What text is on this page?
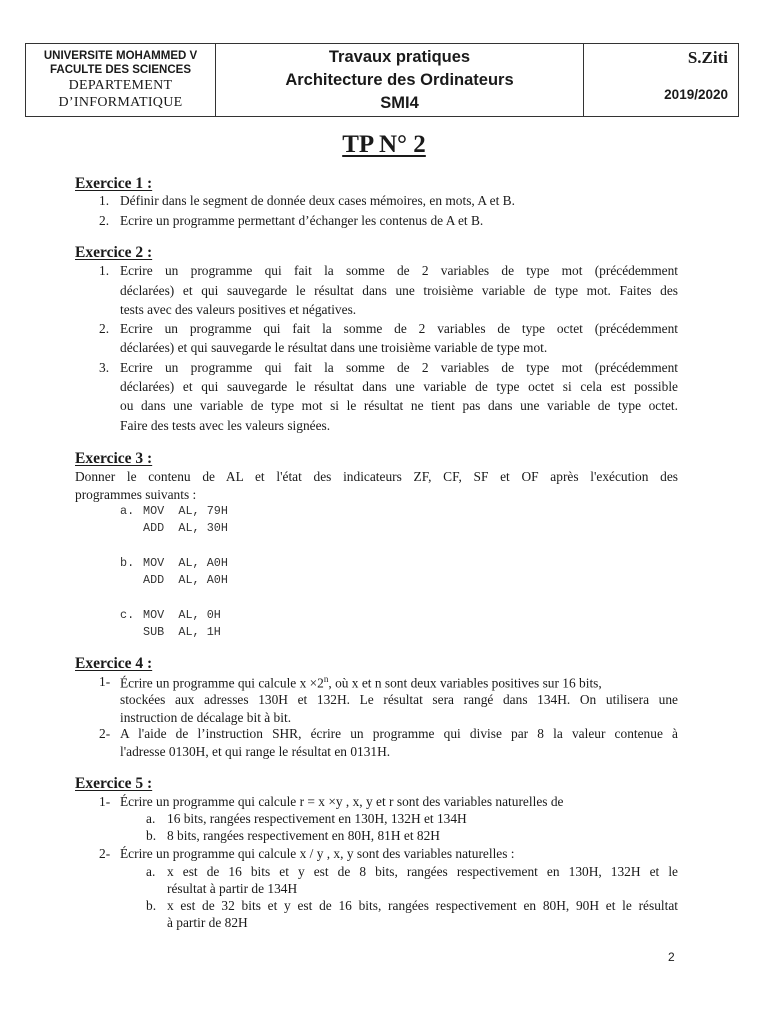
UNIVERSITE MOHAMMED V
FACULTE DES SCIENCES
DEPARTEMENT
D’INFORMATIQUE
Travaux pratiques
Architecture des Ordinateurs
SMI4
S.Ziti
2019/2020
TP N° 2
Exercice 1 :
1. Définir dans le segment de donnée deux cases mémoires, en mots, A et B.
2. Ecrire un programme permettant d’échanger les contenus de A et B.
Exercice 2 :
1. Ecrire un programme qui fait la somme de 2 variables de type mot (précédemment
déclarées) et qui sauvegarde le résultat dans une troisième variable de type mot. Faites des
tests avec des valeurs positives et négatives.
2. Ecrire un programme qui fait la somme de 2 variables de type octet (précédemment
déclarées) et qui sauvegarde le résultat dans une troisième variable de type mot.
3. Ecrire un programme qui fait la somme de 2 variables de type mot (précédemment
déclarées) et qui sauvegarde le résultat dans une variable de type octet si cela est possible
ou dans une variable de type mot si le résultat ne tient pas dans une variable de type octet.
Faire des tests avec les valeurs signées.
Exercice 3 :
Donner le contenu de AL et l'état des indicateurs ZF, CF, SF et OF après l'exécution des
programmes suivants :
a. MOV  AL, 79H
ADD  AL, 30H
b. MOV  AL, A0H
ADD  AL, A0H
c. MOV  AL, 0H
SUB  AL, 1H
Exercice 4 :
1- Écrire un programme qui calcule $x \times 2^n$, où x et n sont deux variables positives sur 16 bits,
stockées aux adresses 130H et 132H. Le résultat sera rangé dans 134H. On utilisera une
instruction de décalage bit à bit.
2- A l'aide de l’instruction SHR, écrire un programme qui divise par 8 la valeur contenue à
l'adresse 0130H, et qui range le résultat en 0131H.
Exercice 5 :
1- Écrire un programme qui calcule r = x ×y , x, y et r sont des variables naturelles de
a. 16 bits, rangées respectivement en 130H, 132H et 134H
b. 8 bits, rangées respectivement en 80H, 81H et 82H
2- Écrire un programme qui calcule x / y , x, y sont des variables naturelles :
a. x est de 16 bits et y est de 8 bits, rangées respectivement en 130H, 132H et le
résultat à partir de 134H
b. x est de 32 bits et y est de 16 bits, rangées respectivement en 80H, 90H et le résultat
à partir de 82H
2
